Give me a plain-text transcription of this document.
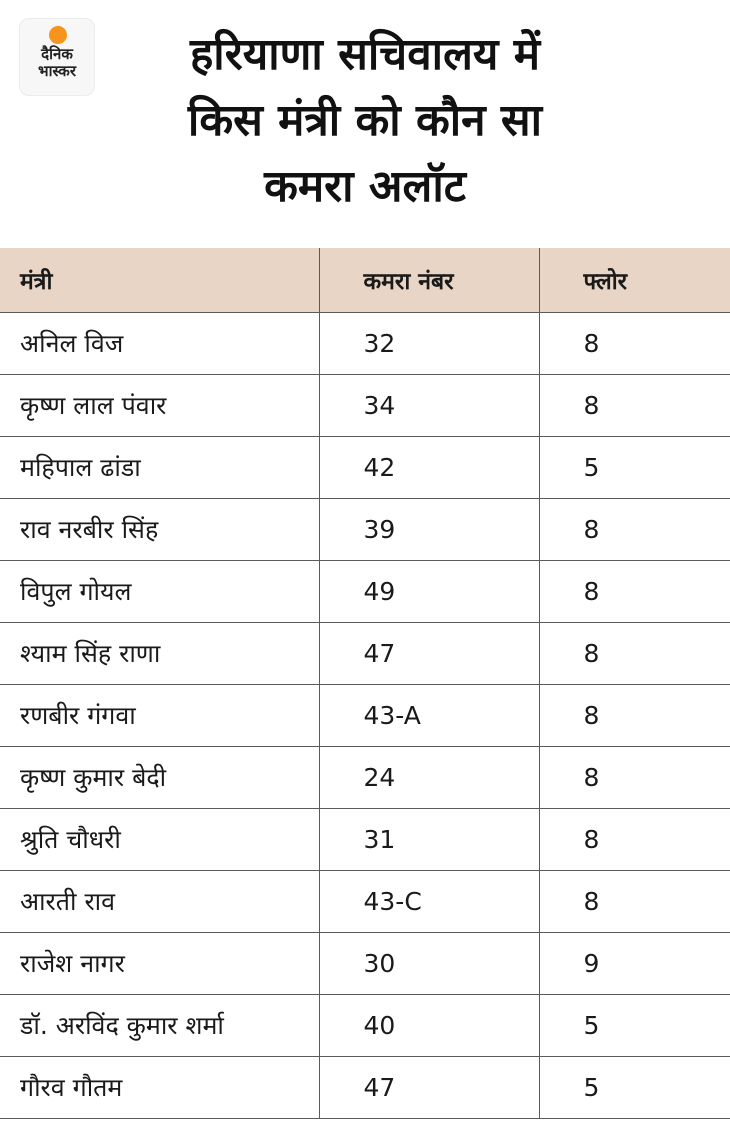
दैनिक
भास्कर	हरियाणा सचिवालय में
किस मंत्री को कौन सा
कमरा अलॉट
मंत्री	कमरा नंबर	फ्लोर
अनिल विज	32	8
कृष्ण लाल पंवार	34	8
महिपाल ढांडा	42	5
राव नरबीर सिंह	39	8
विपुल गोयल	49	8
श्याम सिंह राणा	47	8
रणबीर गंगवा	43-A	8
कृष्ण कुमार बेदी	24	8
श्रुति चौधरी	31	8
आरती राव	43-C	8
राजेश नागर	30	9
डॉ. अरविंद कुमार शर्मा	40	5
गौरव गौतम	47	5
